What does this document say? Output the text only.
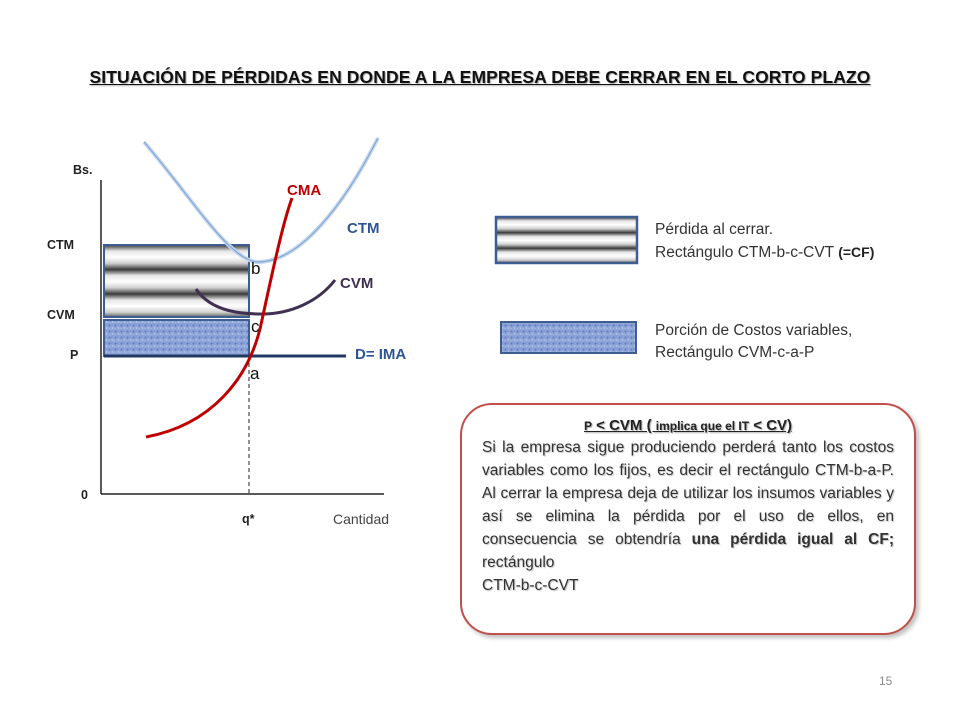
SITUACIÓN DE PÉRDIDAS EN DONDE A LA EMPRESA DEBE CERRAR EN EL CORTO PLAZO
Bs.
CTM
CVM
P
0
q*	Cantidad
CMA
CTM
CVM
D= IMA
b
c
a
Pérdida al cerrar.
Rectángulo CTM-b-c-CVT (=CF)
Porción de Costos variables,
Rectángulo CVM-c-a-P
P < CVM ( implica que el IT < CV)
Si la empresa sigue produciendo perderá tanto los costos variables como los fijos, es decir el rectángulo CTM-b-a-P. Al cerrar la empresa deja de utilizar los insumos variables y así se elimina la pérdida por el uso de ellos, en consecuencia se obtendría una pérdida igual al CF; rectángulo
CTM-b-c-CVT
15
